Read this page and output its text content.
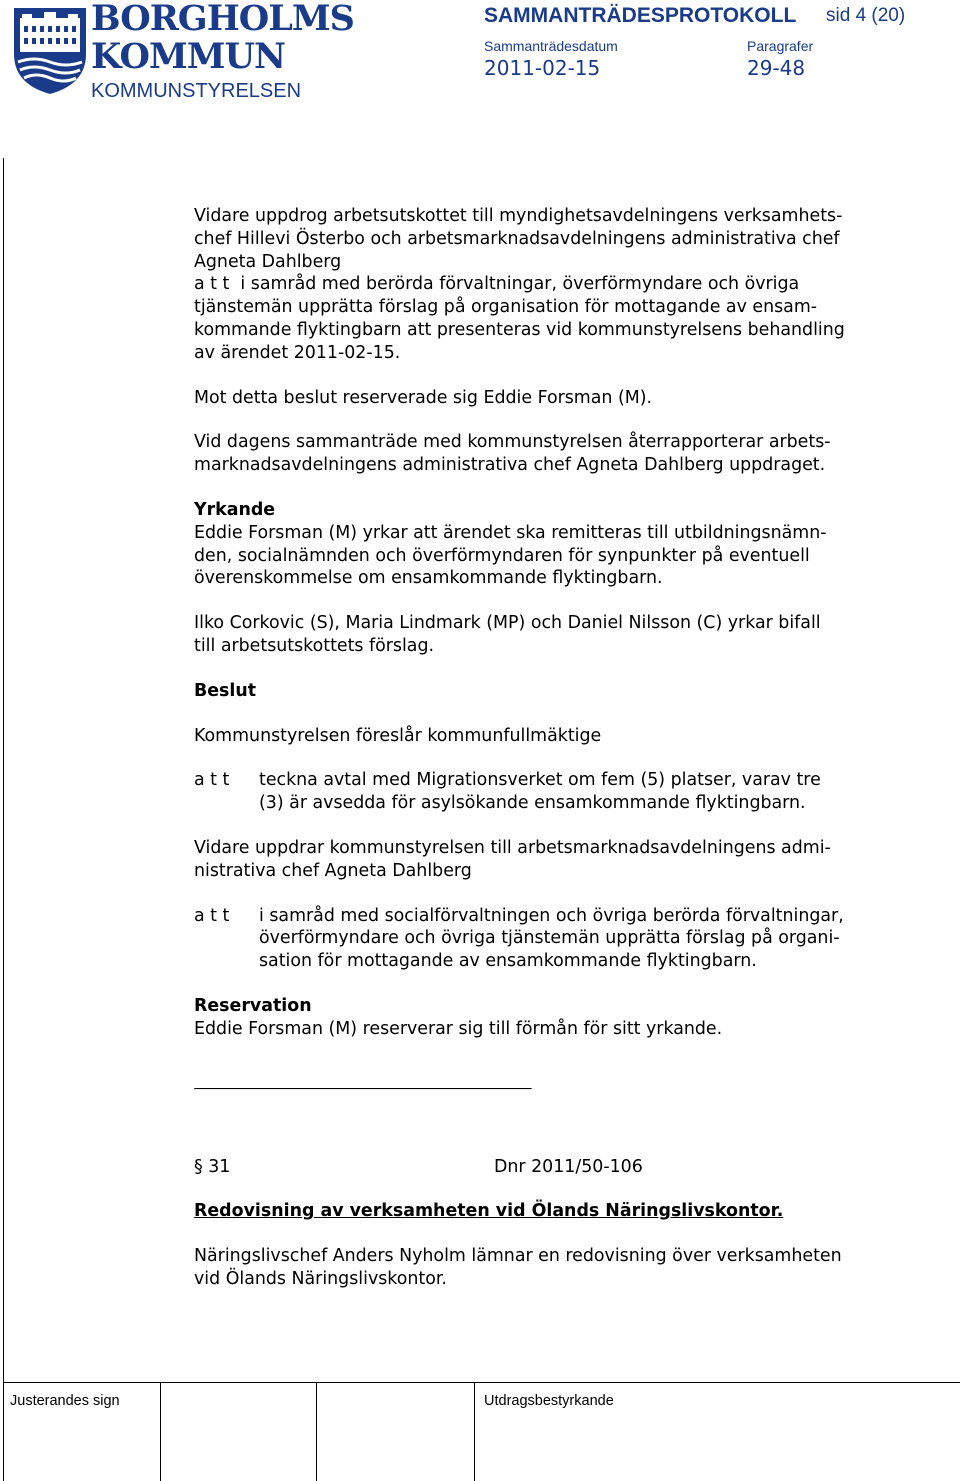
BORGHOLMS
KOMMUN
KOMMUNSTYRELSEN
SAMMANTRÄDESPROTOKOLL sid 4 (20)
Sammanträdesdatum
2011-02-15
Paragrafer
29-48

Vidare uppdrog arbetsutskottet till myndighetsavdelningens verksamhets-
chef Hillevi Österbo och arbetsmarknadsavdelningens administrativa chef
Agneta Dahlberg
a t t  i samråd med berörda förvaltningar, överförmyndare och övriga
tjänstemän upprätta förslag på organisation för mottagande av ensam-
kommande flyktingbarn att presenteras vid kommunstyrelsens behandling
av ärendet 2011-02-15.

Mot detta beslut reserverade sig Eddie Forsman (M).

Vid dagens sammanträde med kommunstyrelsen återrapporterar arbets-
marknadsavdelningens administrativa chef Agneta Dahlberg uppdraget.

Yrkande

Eddie Forsman (M) yrkar att ärendet ska remitteras till utbildningsnämn-
den, socialnämnden och överförmyndaren för synpunkter på eventuell
överenskommelse om ensamkommande flyktingbarn.

Ilko Corkovic (S), Maria Lindmark (MP) och Daniel Nilsson (C) yrkar bifall
till arbetsutskottets förslag.

Beslut

Kommunstyrelsen föreslår kommunfullmäktige

a t t	teckna avtal med Migrationsverket om fem (5) platser, varav tre
(3) är avsedda för asylsökande ensamkommande flyktingbarn.

Vidare uppdrar kommunstyrelsen till arbetsmarknadsavdelningens admi-
nistrativa chef Agneta Dahlberg

a t t	i samråd med socialförvaltningen och övriga berörda förvaltningar,
överförmyndare och övriga tjänstemän upprätta förslag på organi-
sation för mottagande av ensamkommande flyktingbarn.

Reservation

Eddie Forsman (M) reserverar sig till förmån för sitt yrkande.

§ 31	Dnr 2011/50-106

Redovisning av verksamheten vid Ölands Näringslivskontor.

Näringslivschef Anders Nyholm lämnar en redovisning över verksamheten
vid Ölands Näringslivskontor.

Justerandes sign	Utdragsbestyrkande
